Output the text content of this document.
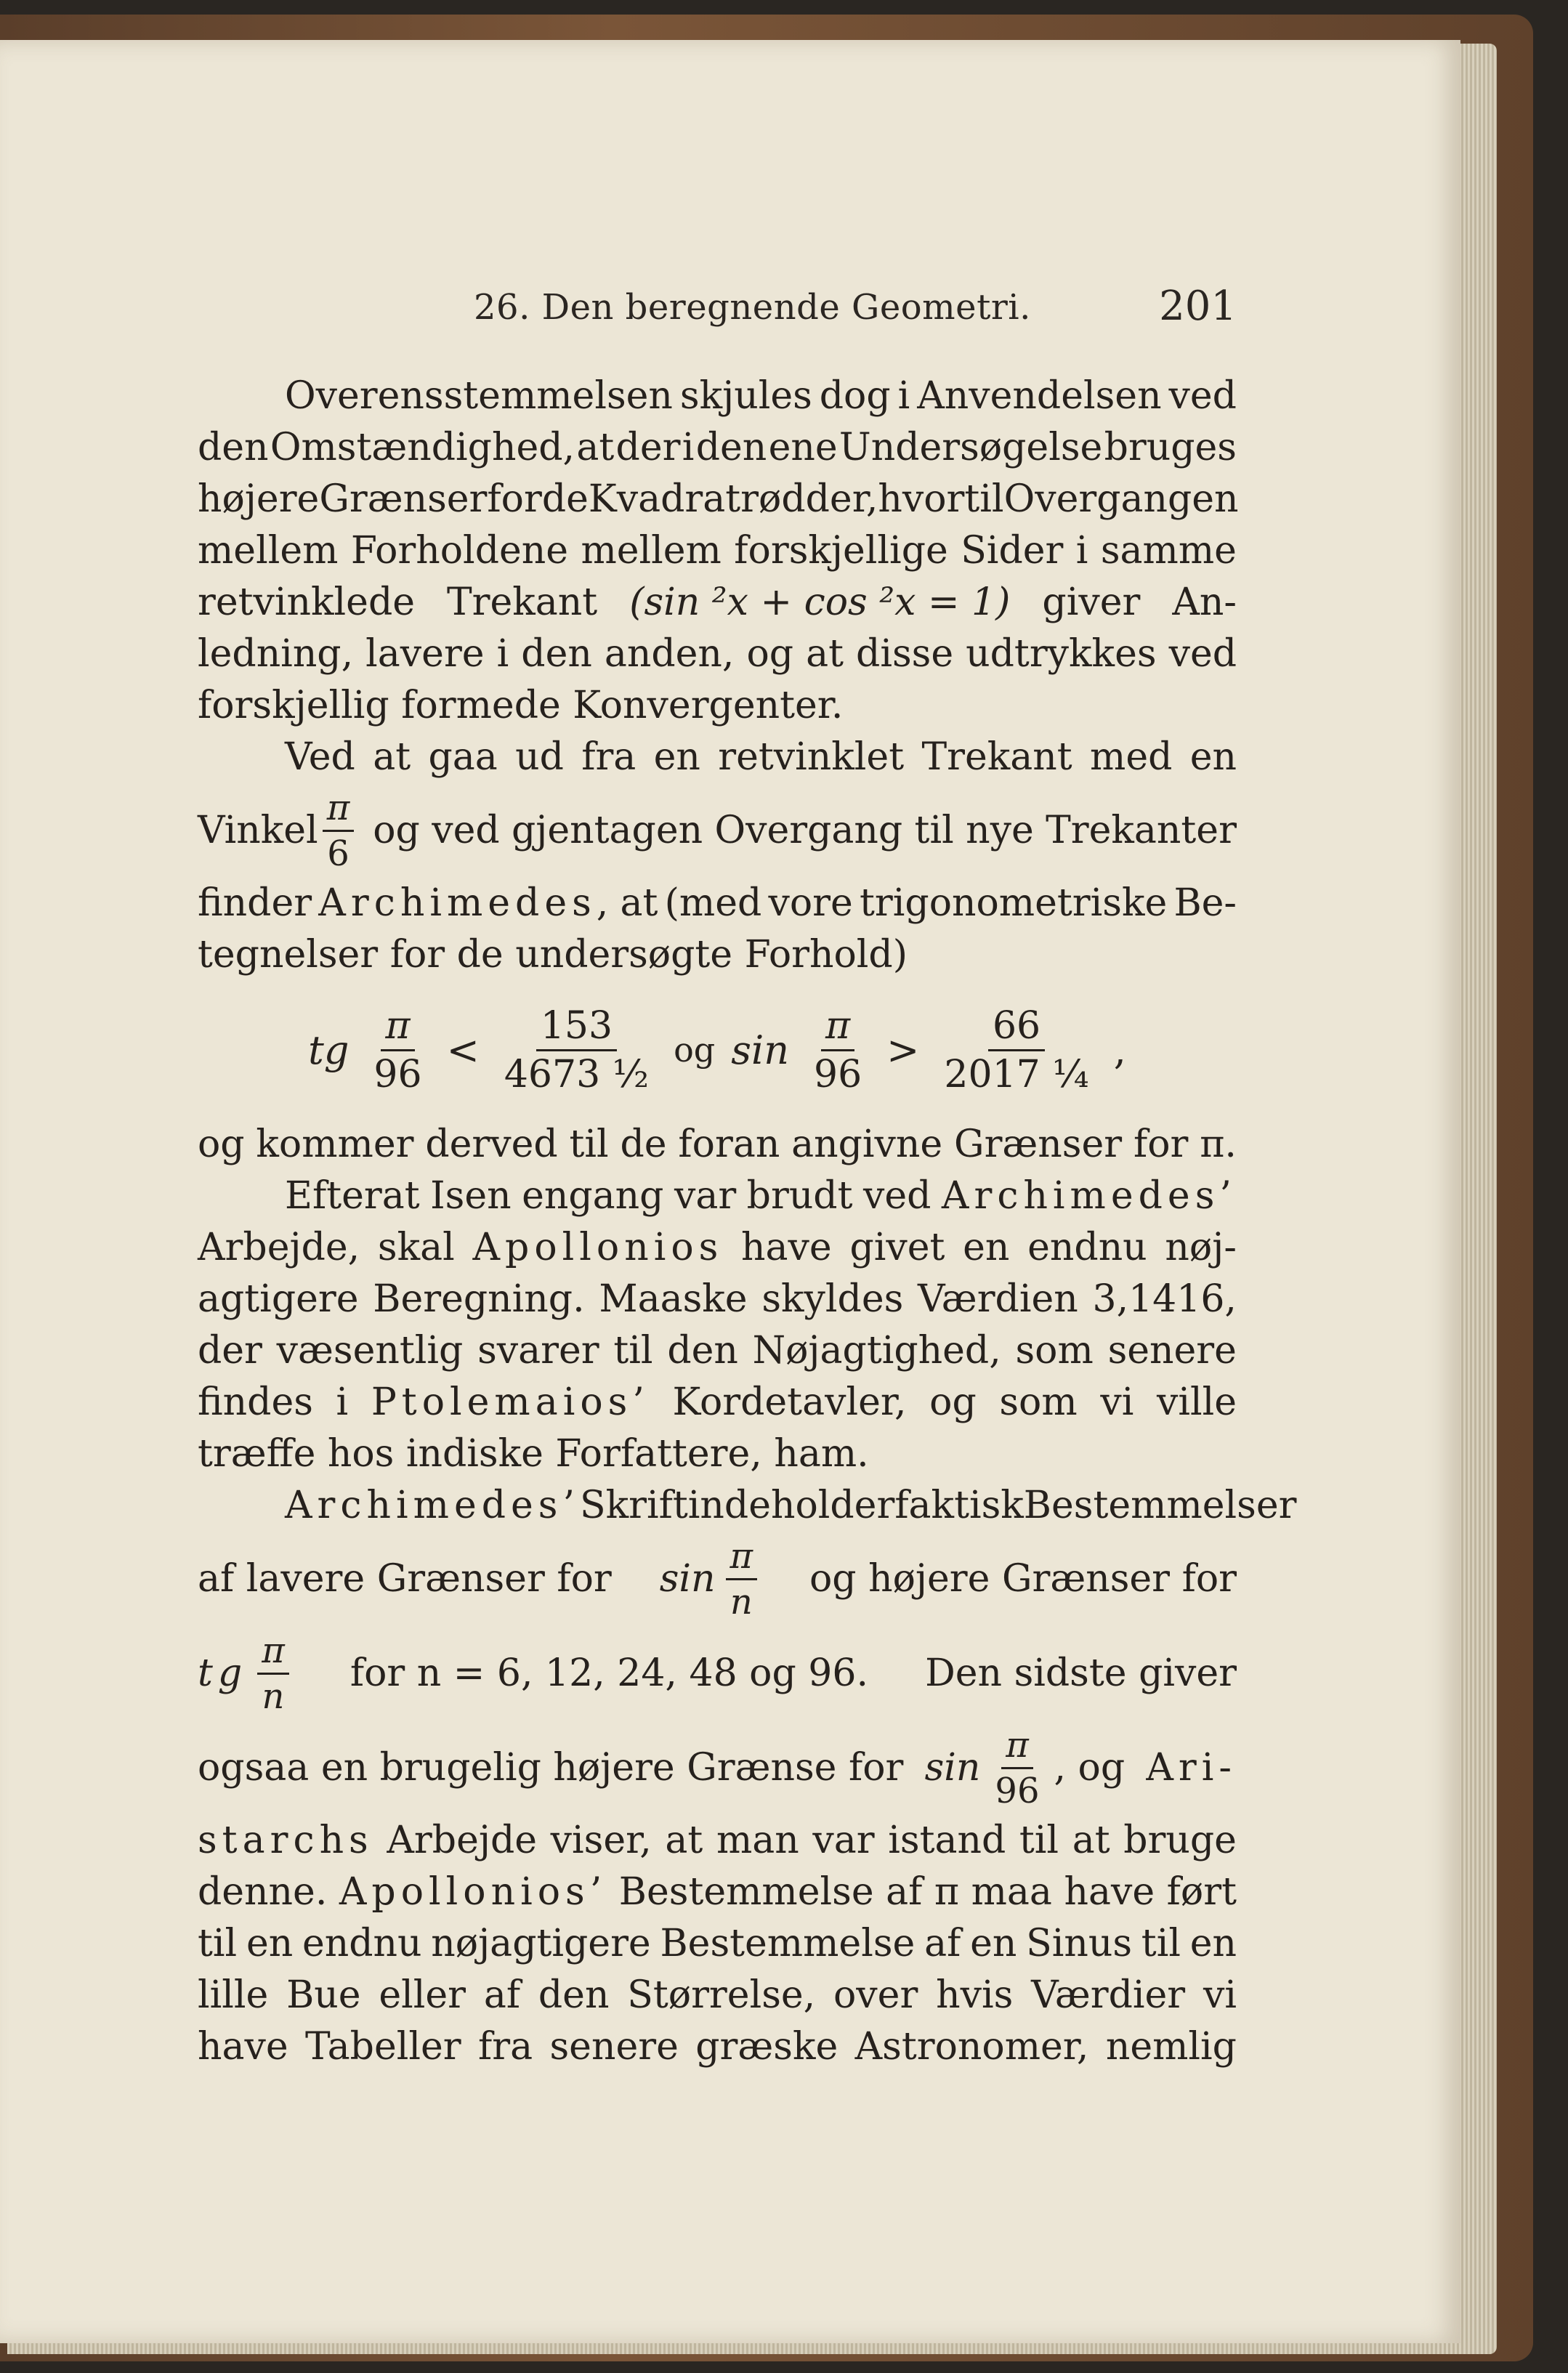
26. Den beregnende Geometri.	201
Overensstemmelsen skjules dog i Anvendelsen ved
den Omstændighed, at der i den ene Undersøgelse bruges
højere Grænser for de Kvadratrødder, hvortil Overgangen
mellem Forholdene mellem forskjellige Sider i samme
retvinklede Trekant (sin ²x + cos ²x = 1) giver An-
ledning, lavere i den anden, og at disse udtrykkes ved
forskjellig formede Konvergenter.
Ved at gaa ud fra en retvinklet Trekant med en
Vinkel $\frac{\pi}{6}$ og ved gjentagen Overgang til nye Trekanter
finder Archimedes, at (med vore trigonometriske Be-
tegnelser for de undersøgte Forhold)
tg $\frac{\pi}{96} < \frac{153}{\text{4673 ½}}$ og $\sin \frac{\pi}{96} > \frac{66}{\text{2017 ¼}}$ ,
og kommer derved til de foran angivne Grænser for π.
Efterat Isen engang var brudt ved Archimedes’
Arbejde, skal Apollonios have givet en endnu nøj-
agtigere Beregning. Maaske skyldes Værdien 3,1416,
der væsentlig svarer til den Nøjagtighed, som senere
findes i Ptolemaios’ Kordetavler, og som vi ville
træffe hos indiske Forfattere, ham.
Archimedes’ Skrift indeholder faktisk Bestemmelser
af lavere Grænser for $\sin \frac{\pi}{n}$ og højere Grænser for
tg $\frac{\pi}{n}$ for n = 6, 12, 24, 48 og 96. Den sidste giver
ogsaa en brugelig højere Grænse for $\sin \frac{\pi}{96}$ , og Ari-
starchs Arbejde viser, at man var istand til at bruge
denne. Apollonios’ Bestemmelse af π maa have ført
til en endnu nøjagtigere Bestemmelse af en Sinus til en
lille Bue eller af den Størrelse, over hvis Værdier vi
have Tabeller fra senere græske Astronomer, nemlig
